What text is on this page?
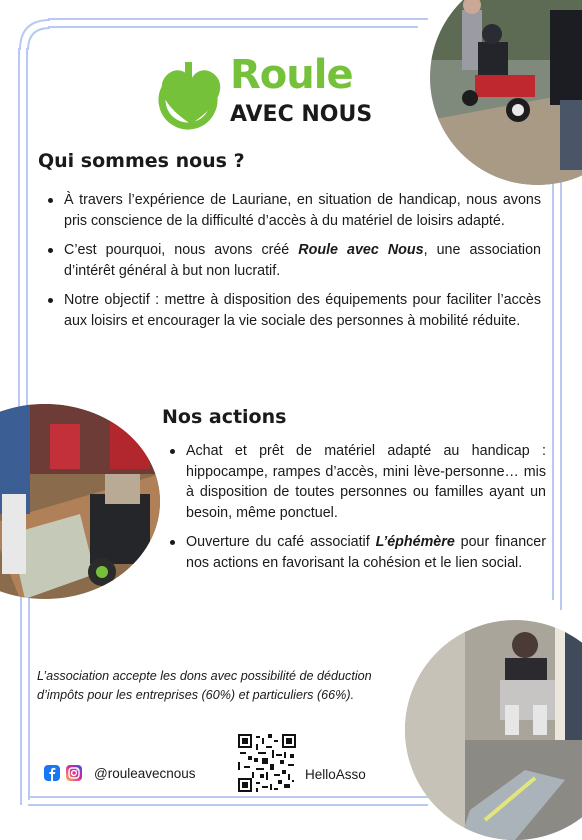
Roule
AVEC NOUS
Qui sommes nous ?
À travers l’expérience de Lauriane, en situation de handicap, nous avons pris conscience de la difficulté d’accès à du matériel de loisirs adapté.
C’est pourquoi, nous avons créé Roule avec Nous, une association d’intérêt général à but non lucratif.
Notre objectif : mettre à disposition des équipements pour faciliter l’accès aux loisirs et encourager la vie sociale des personnes à mobilité réduite.
Nos actions
Achat et prêt de matériel adapté au handicap : hippocampe, rampes d’accès, mini lève-personne… mis à disposition de toutes personnes ou familles ayant un besoin, même ponctuel.
Ouverture du café associatif L’éphémère pour financer nos actions en favorisant la cohésion et le lien social.
L’association accepte les dons avec possibilité de déduction d’impôts pour les entreprises (60%) et particuliers (66%).
@rouleavecnous	HelloAsso
